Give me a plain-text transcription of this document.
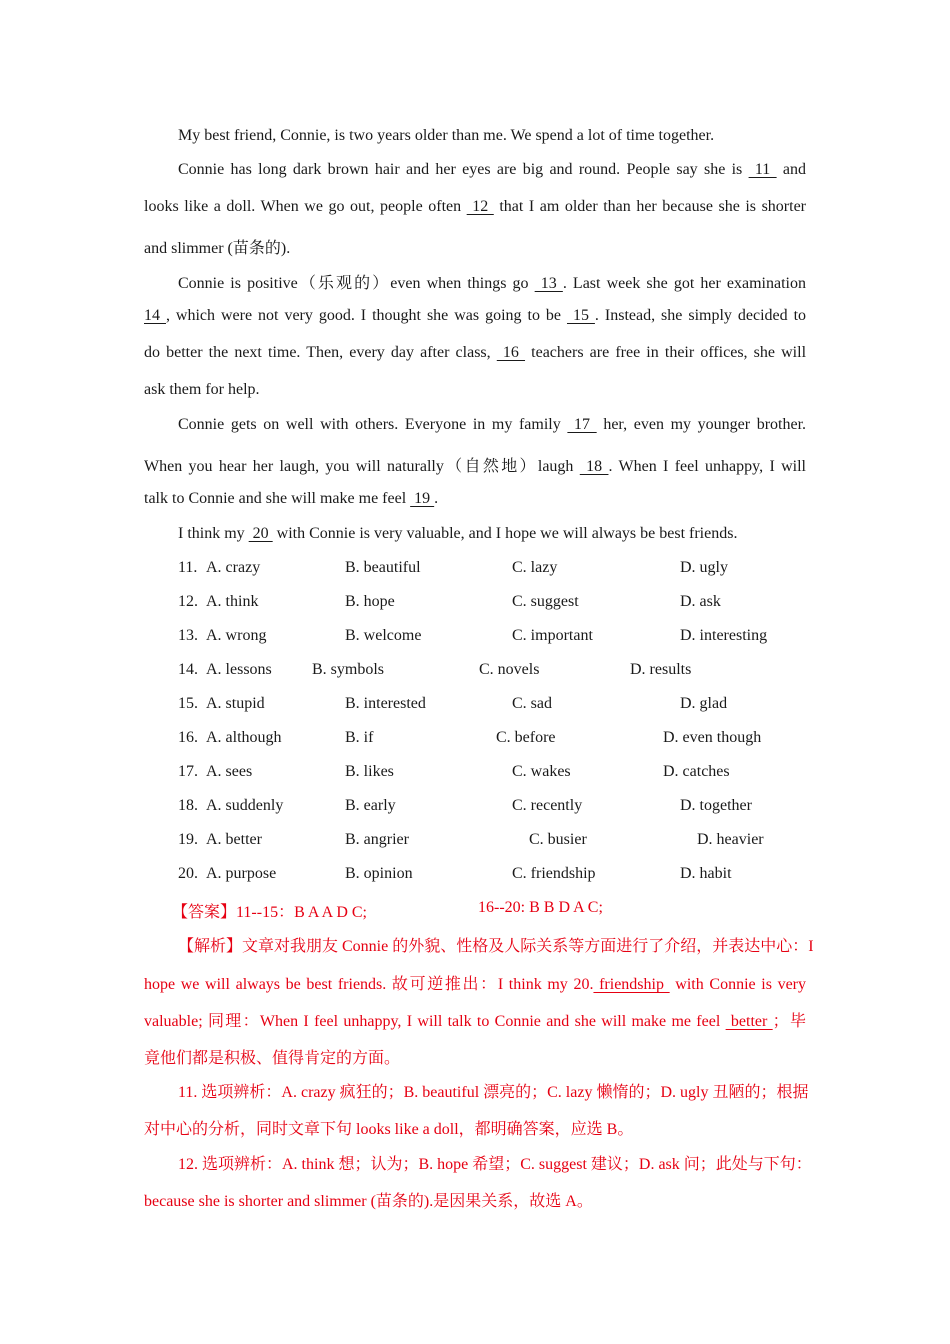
My best friend, Connie, is two years older than me. We spend a lot of time together.
Connie has long dark brown hair and her eyes are big and round. People say she is  11  and
looks like a doll. When we go out, people often  12  that I am older than her because she is shorter
and slimmer (苗条的).
Connie is positive（乐观的）even when things go  13 . Last week she got her examination
14 , which were not very good. I thought she was going to be  15 . Instead, she simply decided to
do better the next time. Then, every day after class,  16  teachers are free in their offices, she will
ask them for help.
Connie gets on well with others. Everyone in my family  17  her, even my younger brother.
When you hear her laugh, you will naturally（自然地）laugh  18 . When I feel unhappy, I will
talk to Connie and she will make me feel  19 .
I think my  20  with Connie is very valuable, and I hope we will always be best friends.
11. A. crazy	B. beautiful	C. lazy	D. ugly
12. A. think	B. hope	C. suggest	D. ask
13. A. wrong	B. welcome	C. important	D. interesting
14. A. lessons	B. symbols	C. novels	D. results
15. A. stupid	B. interested	C. sad	D. glad
16. A. although	B. if	C. before	D. even though
17. A. sees	B. likes	C. wakes	D. catches
18. A. suddenly	B. early	C. recently	D. together
19. A. better	B. angrier	C. busier	D. heavier
20. A. purpose	B. opinion	C. friendship	D. habit
【答案】11--15：B A A D C;	16--20: B B D A C;
【解析】文章对我朋友 Connie 的外貌、性格及人际关系等方面进行了介绍，并表达中心：I
hope we will always be best friends. 故可逆推出：I think my 20. friendship  with Connie is very
valuable; 同理：When I feel unhappy, I will talk to Connie and she will make me feel  better ；毕
竟他们都是积极、值得肯定的方面。
11. 选项辨析：A. crazy 疯狂的；B. beautiful 漂亮的；C. lazy 懒惰的；D. ugly 丑陋的；根据
对中心的分析，同时文章下句 looks like a doll，都明确答案，应选 B。
12. 选项辨析：A. think 想；认为；B. hope 希望；C. suggest 建议；D. ask 问；此处与下句：
because she is shorter and slimmer (苗条的).是因果关系，故选 A。
